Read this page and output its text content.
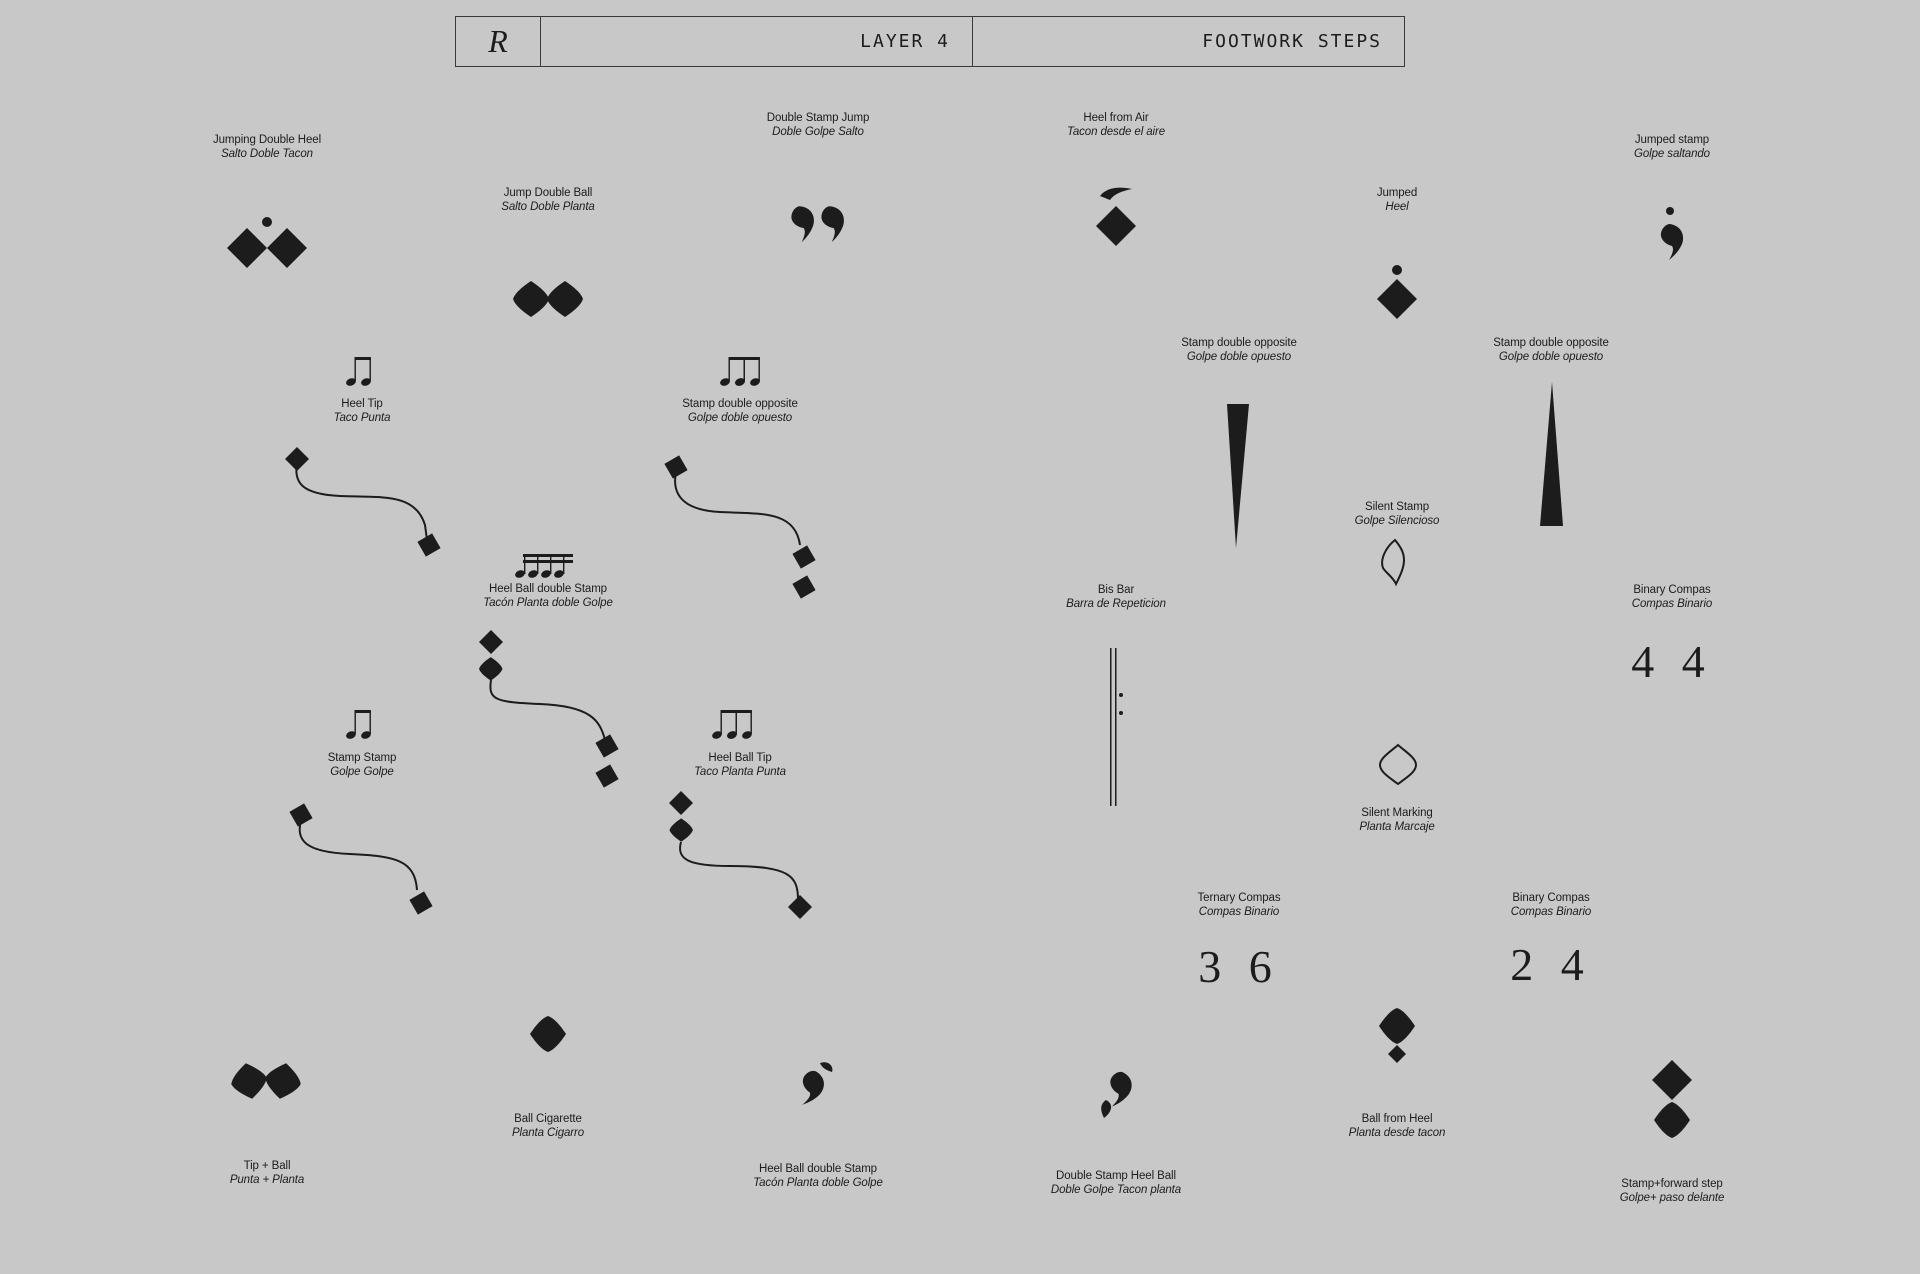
R	LAYER 4	FOOTWORK STEPS
Jumping Double Heel
Salto Doble Tacon
Jump Double Ball
Salto Doble Planta
Double Stamp Jump
Doble Golpe Salto
Heel from Air
Tacon desde el aire
Jumped
Heel
Jumped stamp
Golpe saltando
Heel Tip
Taco Punta
Stamp double opposite
Golpe doble opuesto
Stamp double opposite
Golpe doble opuesto
Stamp double opposite
Golpe doble opuesto
Silent Stamp
Golpe Silencioso
Heel Ball double Stamp
Tacón Planta doble Golpe
Bis Bar
Barra de Repeticion
Binary Compas
Compas Binario
Stamp Stamp
Golpe Golpe
Heel Ball Tip
Taco Planta Punta
Silent Marking
Planta Marcaje
Ternary Compas
Compas Binario
Binary Compas
Compas Binario
Ball Cigarette
Planta Cigarro
Tip + Ball
Punta + Planta
Heel Ball double Stamp
Tacón Planta doble Golpe
Double Stamp Heel Ball
Doble Golpe Tacon planta
Ball from Heel
Planta desde tacon
Stamp+forward step
Golpe+ paso delante
4 4
3 6	2 4
